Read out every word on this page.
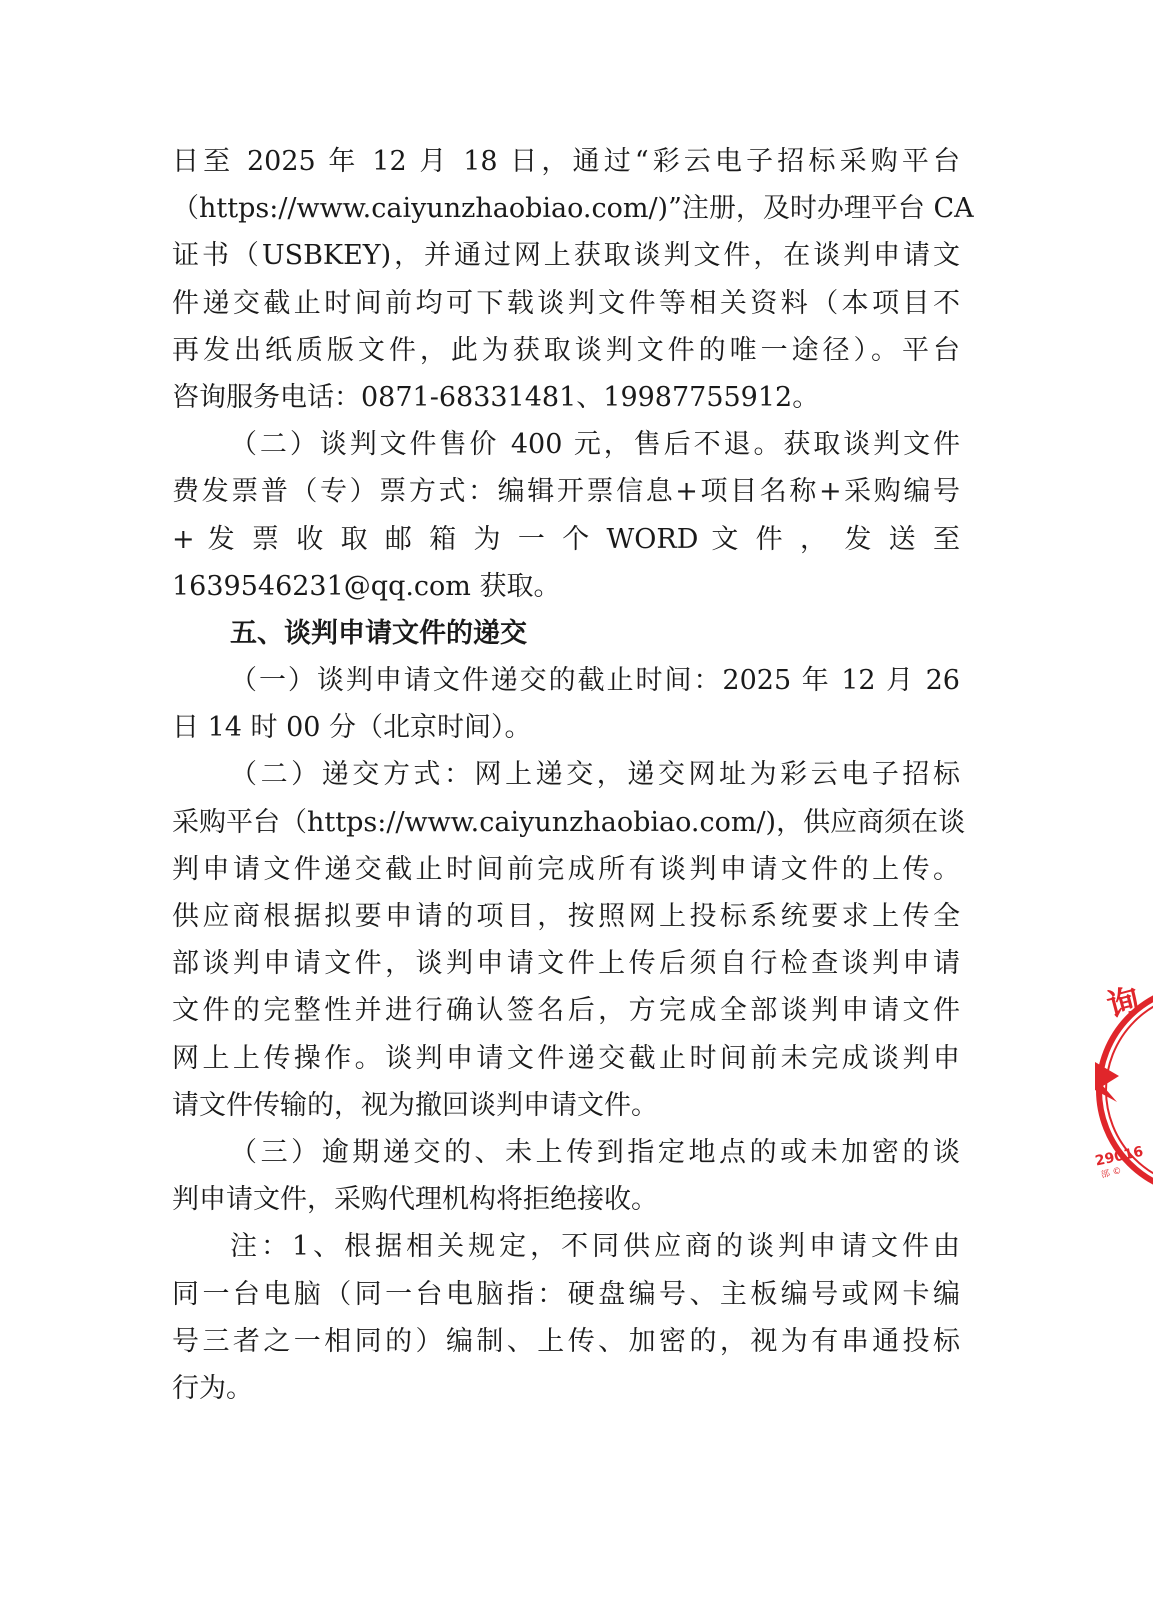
日至 2025 年 12 月 18 日，通过“彩云电子招标采购平台
（https://www.caiyunzhaobiao.com/)”注册，及时办理平台 CA
证书（USBKEY)，并通过网上获取谈判文件，在谈判申请文
件递交截止时间前均可下载谈判文件等相关资料（本项目不
再发出纸质版文件，此为获取谈判文件的唯一途径）。平台
咨询服务电话：0871-68331481、19987755912。
（二）谈判文件售价 400 元，售后不退。获取谈判文件
费发票普（专）票方式：编辑开票信息+项目名称+采购编号
+ 发 票 收 取 邮 箱 为 一 个 WORD 文 件 ， 发 送 至
1639546231@qq.com 获取。
五、谈判申请文件的递交
（一）谈判申请文件递交的截止时间：2025 年 12 月 26
日 14 时 00 分（北京时间）。
（二）递交方式：网上递交，递交网址为彩云电子招标
采购平台（https://www.caiyunzhaobiao.com/)，供应商须在谈
判申请文件递交截止时间前完成所有谈判申请文件的上传。
供应商根据拟要申请的项目，按照网上投标系统要求上传全
部谈判申请文件，谈判申请文件上传后须自行检查谈判申请
文件的完整性并进行确认签名后，方完成全部谈判申请文件
网上上传操作。谈判申请文件递交截止时间前未完成谈判申
请文件传输的，视为撤回谈判申请文件。
（三）逾期递交的、未上传到指定地点的或未加密的谈
判申请文件，采购代理机构将拒绝接收。
注：1、根据相关规定，不同供应商的谈判申请文件由
同一台电脑（同一台电脑指：硬盘编号、主板编号或网卡编
号三者之一相同的）编制、上传、加密的，视为有串通投标
行为。
询
29016
部 ©
